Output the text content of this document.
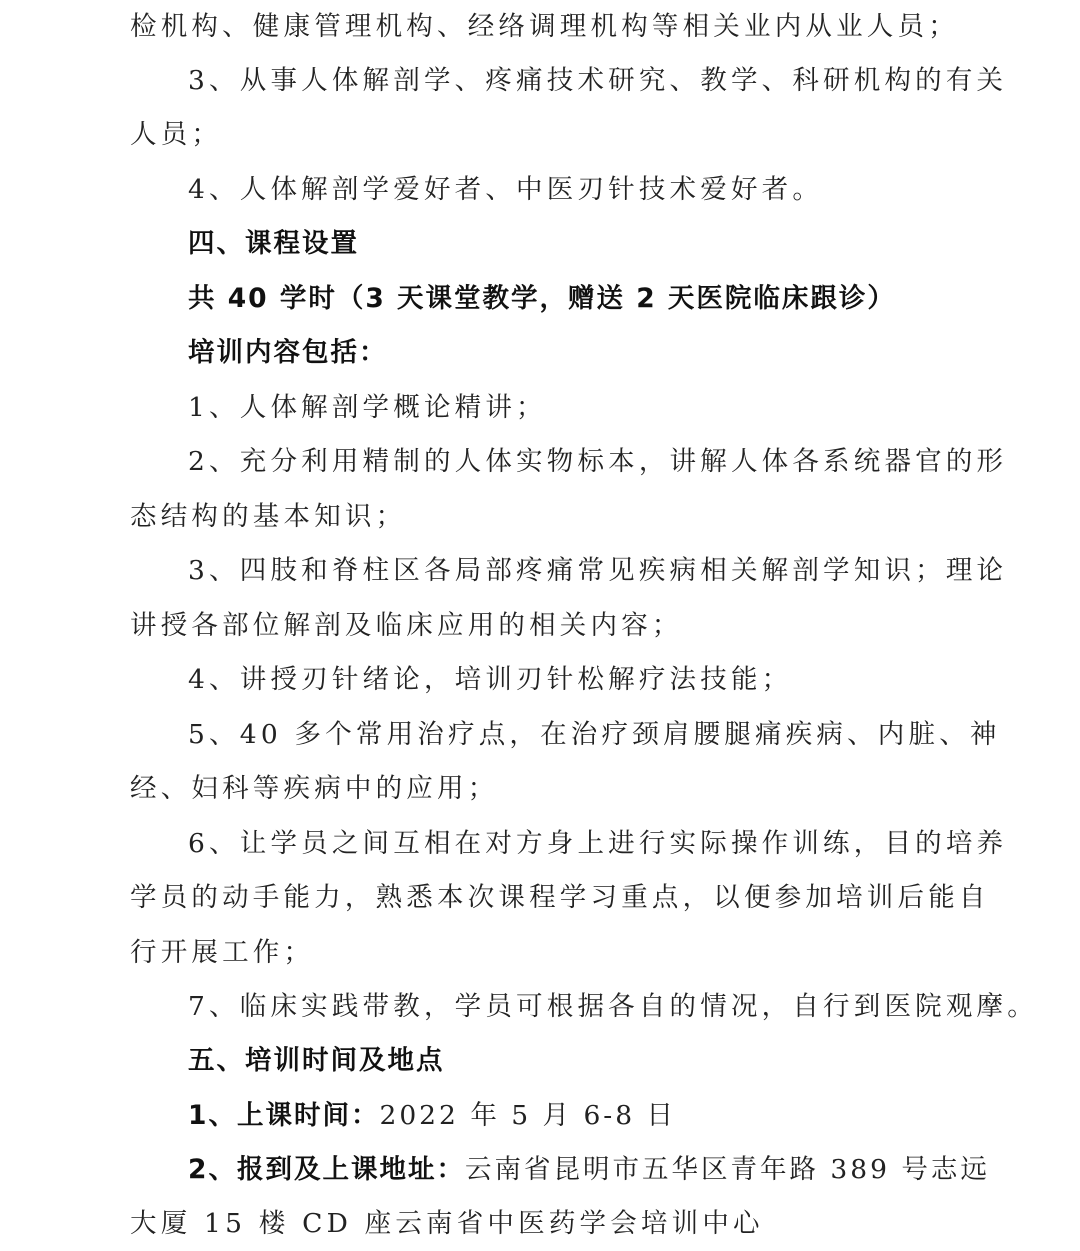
检机构、健康管理机构、经络调理机构等相关业内从业人员；
3、从事人体解剖学、疼痛技术研究、教学、科研机构的有关
人员；
4、人体解剖学爱好者、中医刃针技术爱好者。
四、课程设置
共 40 学时（3 天课堂教学，赠送 2 天医院临床跟诊）
培训内容包括：
1、人体解剖学概论精讲；
2、充分利用精制的人体实物标本，讲解人体各系统器官的形
态结构的基本知识；
3、四肢和脊柱区各局部疼痛常见疾病相关解剖学知识；理论
讲授各部位解剖及临床应用的相关内容；
4、讲授刃针绪论，培训刃针松解疗法技能；
5、40 多个常用治疗点，在治疗颈肩腰腿痛疾病、内脏、神
经、妇科等疾病中的应用；
6、让学员之间互相在对方身上进行实际操作训练，目的培养
学员的动手能力，熟悉本次课程学习重点，以便参加培训后能自
行开展工作；
7、临床实践带教，学员可根据各自的情况，自行到医院观摩。
五、培训时间及地点
1、上课时间：2022 年 5 月 6-8 日
2、报到及上课地址：云南省昆明市五华区青年路 389 号志远
大厦 15 楼 CD 座云南省中医药学会培训中心
